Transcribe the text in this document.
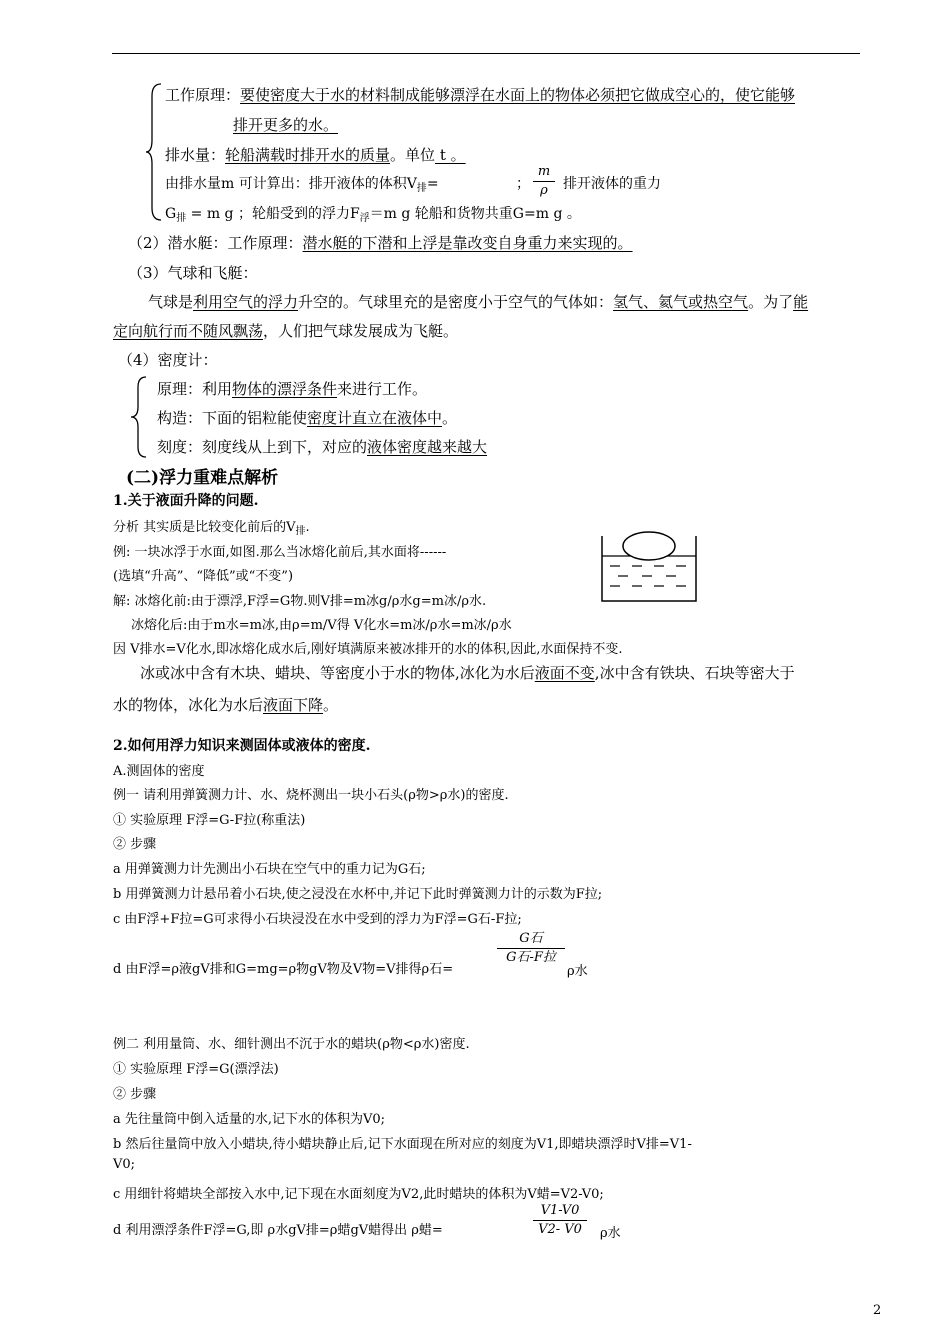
工作原理：要使密度大于水的材料制成能够漂浮在水面上的物体必须把它做成空心的，使它能够
排开更多的水。
排水量：轮船满载时排开水的质量。单位 t 。
由排水量m 可计算出：排开液体的体积$V_排=$	；
m
ρ	排开液体的重力
$G_排 = m$ g ；轮船受到的浮力$F_浮=m$ g 轮船和货物共重G=m g 。
（2）潜水艇：工作原理：潜水艇的下潜和上浮是靠改变自身重力来实现的。
（3）气球和飞艇：
气球是利用空气的浮力升空的。气球里充的是密度小于空气的气体如：氢气、氦气或热空气。为了能
定向航行而不随风飘荡，人们把气球发展成为飞艇。
（4）密度计：
原理：利用物体的漂浮条件来进行工作。
构造：下面的铝粒能使密度计直立在液体中。
刻度：刻度线从上到下，对应的液体密度越来越大
(二)浮力重难点解析
1.关于液面升降的问题.
分析 其实质是比较变化前后的$V_排$.
例: 一块冰浮于水面,如图.那么当冰熔化前后,其水面将------
(选填“升高”、“降低”或“不变”)
解: 冰熔化前:由于漂浮,F浮=G物.则V排=m冰g/ρ水g=m冰/ρ水.
冰熔化后:由于m水=m冰,由ρ=m/V得 V化水=m冰/ρ水=m冰/ρ水
因 V排水=V化水,即冰熔化成水后,刚好填满原来被冰排开的水的体积,因此,水面保持不变.
冰或冰中含有木块、蜡块、等密度小于水的物体,冰化为水后液面不变,冰中含有铁块、石块等密大于
水的物体，冰化为水后液面下降。
2.如何用浮力知识来测固体或液体的密度.
A.测固体的密度
例一 请利用弹簧测力计、水、烧杯测出一块小石头(ρ物>ρ水)的密度.
① 实验原理 F浮=G-F拉(称重法)
② 步骤
a 用弹簧测力计先测出小石块在空气中的重力记为G石;
b 用弹簧测力计悬吊着小石块,使之浸没在水杯中,并记下此时弹簧测力计的示数为F拉;
c 由F浮+F拉=G可求得小石块浸没在水中受到的浮力为F浮=G石-F拉;
d 由F浮=ρ液gV排和G=mg=ρ物gV物及V物=V排得ρ石=
G石
G石-F拉
ρ水
例二 利用量筒、水、细针测出不沉于水的蜡块(ρ物<ρ水)密度.
① 实验原理 F浮=G(漂浮法)
② 步骤
a 先往量筒中倒入适量的水,记下水的体积为V0;
b 然后往量筒中放入小蜡块,待小蜡块静止后,记下水面现在所对应的刻度为V1,即蜡块漂浮时V排=V1-
V0;
c 用细针将蜡块全部按入水中,记下现在水面刻度为V2,此时蜡块的体积为V蜡=V2-V0;
d 利用漂浮条件F浮=G,即 ρ水gV排=ρ蜡gV蜡得出 ρ蜡=
V1-V0
V2- V0	ρ水
2
